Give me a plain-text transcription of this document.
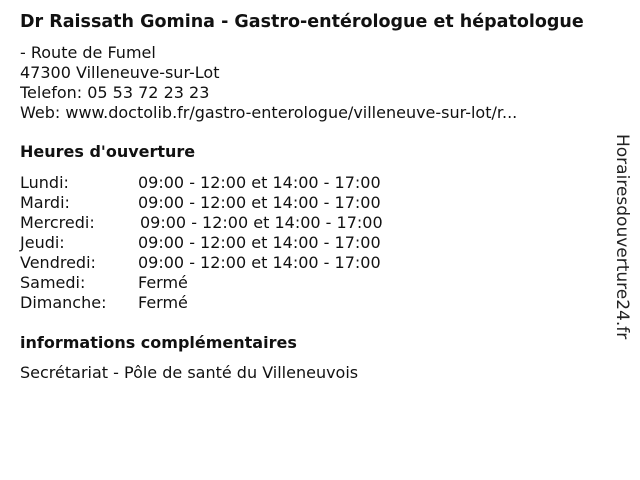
Dr Raissath Gomina - Gastro-entérologue et hépatologue
- Route de Fumel
47300 Villeneuve-sur-Lot
Telefon: 05 53 72 23 23
Web: www.doctolib.fr/gastro-enterologue/villeneuve-sur-lot/r...
Heures d'ouverture
Lundi:	09:00 - 12:00 et 14:00 - 17:00
Mardi:	09:00 - 12:00 et 14:00 - 17:00
Mercredi:	09:00 - 12:00 et 14:00 - 17:00
Jeudi:	09:00 - 12:00 et 14:00 - 17:00
Vendredi:	09:00 - 12:00 et 14:00 - 17:00
Samedi:	Fermé
Dimanche:	Fermé
informations complémentaires
Secrétariat - Pôle de santé du Villeneuvois
Horairesdouverture24.fr
